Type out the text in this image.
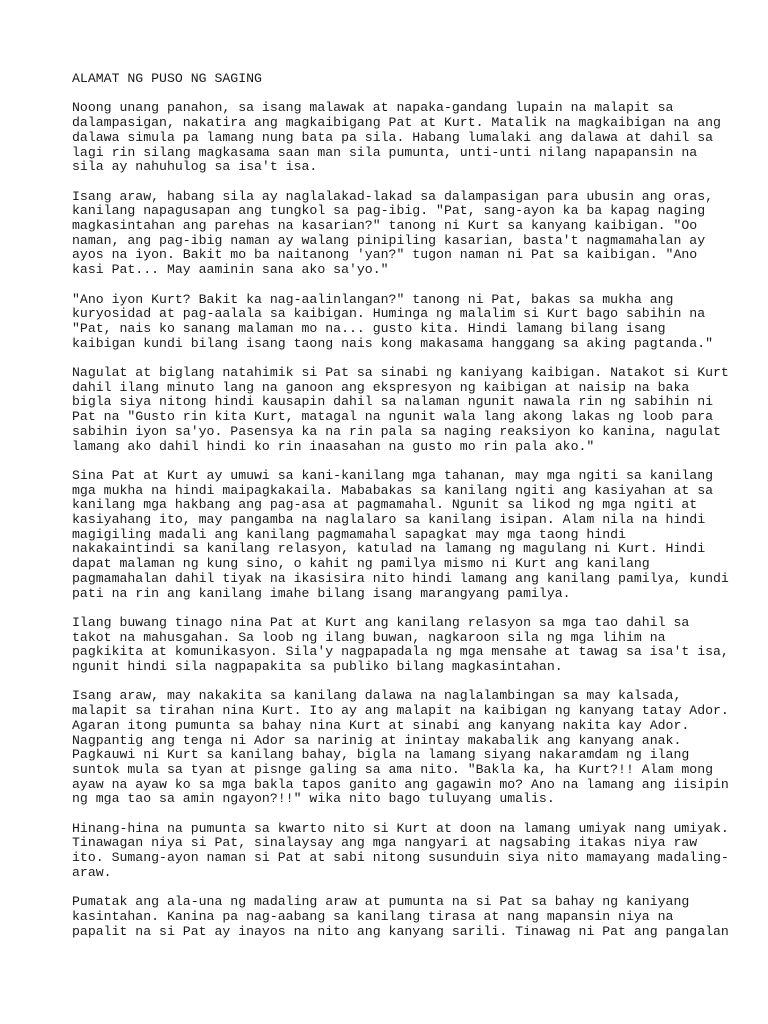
ALAMAT NG PUSO NG SAGING

Noong unang panahon, sa isang malawak at napaka-gandang lupain na malapit sa
dalampasigan, nakatira ang magkaibigang Pat at Kurt. Matalik na magkaibigan na ang
dalawa simula pa lamang nung bata pa sila. Habang lumalaki ang dalawa at dahil sa
lagi rin silang magkasama saan man sila pumunta, unti-unti nilang napapansin na
sila ay nahuhulog sa isa't isa.

Isang araw, habang sila ay naglalakad-lakad sa dalampasigan para ubusin ang oras,
kanilang napagusapan ang tungkol sa pag-ibig. "Pat, sang-ayon ka ba kapag naging
magkasintahan ang parehas na kasarian?" tanong ni Kurt sa kanyang kaibigan. "Oo
naman, ang pag-ibig naman ay walang pinipiling kasarian, basta't nagmamahalan ay
ayos na iyon. Bakit mo ba naitanong 'yan?" tugon naman ni Pat sa kaibigan. "Ano
kasi Pat... May aaminin sana ako sa'yo."

"Ano iyon Kurt? Bakit ka nag-aalinlangan?" tanong ni Pat, bakas sa mukha ang
kuryosidad at pag-aalala sa kaibigan. Huminga ng malalim si Kurt bago sabihin na
"Pat, nais ko sanang malaman mo na... gusto kita. Hindi lamang bilang isang
kaibigan kundi bilang isang taong nais kong makasama hanggang sa aking pagtanda."

Nagulat at biglang natahimik si Pat sa sinabi ng kaniyang kaibigan. Natakot si Kurt
dahil ilang minuto lang na ganoon ang ekspresyon ng kaibigan at naisip na baka
bigla siya nitong hindi kausapin dahil sa nalaman ngunit nawala rin ng sabihin ni
Pat na "Gusto rin kita Kurt, matagal na ngunit wala lang akong lakas ng loob para
sabihin iyon sa'yo. Pasensya ka na rin pala sa naging reaksiyon ko kanina, nagulat
lamang ako dahil hindi ko rin inaasahan na gusto mo rin pala ako."

Sina Pat at Kurt ay umuwi sa kani-kanilang mga tahanan, may mga ngiti sa kanilang
mga mukha na hindi maipagkakaila. Mababakas sa kanilang ngiti ang kasiyahan at sa
kanilang mga hakbang ang pag-asa at pagmamahal. Ngunit sa likod ng mga ngiti at
kasiyahang ito, may pangamba na naglalaro sa kanilang isipan. Alam nila na hindi
magigiling madali ang kanilang pagmamahal sapagkat may mga taong hindi
nakakaintindi sa kanilang relasyon, katulad na lamang ng magulang ni Kurt. Hindi
dapat malaman ng kung sino, o kahit ng pamilya mismo ni Kurt ang kanilang
pagmamahalan dahil tiyak na ikasisira nito hindi lamang ang kanilang pamilya, kundi
pati na rin ang kanilang imahe bilang isang marangyang pamilya.

Ilang buwang tinago nina Pat at Kurt ang kanilang relasyon sa mga tao dahil sa
takot na mahusgahan. Sa loob ng ilang buwan, nagkaroon sila ng mga lihim na
pagkikita at komunikasyon. Sila'y nagpapadala ng mga mensahe at tawag sa isa't isa,
ngunit hindi sila nagpapakita sa publiko bilang magkasintahan.

Isang araw, may nakakita sa kanilang dalawa na naglalambingan sa may kalsada,
malapit sa tirahan nina Kurt. Ito ay ang malapit na kaibigan ng kanyang tatay Ador.
Agaran itong pumunta sa bahay nina Kurt at sinabi ang kanyang nakita kay Ador.
Nagpantig ang tenga ni Ador sa narinig at inintay makabalik ang kanyang anak.
Pagkauwi ni Kurt sa kanilang bahay, bigla na lamang siyang nakaramdam ng ilang
suntok mula sa tyan at pisnge galing sa ama nito. "Bakla ka, ha Kurt?!! Alam mong
ayaw na ayaw ko sa mga bakla tapos ganito ang gagawin mo? Ano na lamang ang iisipin
ng mga tao sa amin ngayon?!!" wika nito bago tuluyang umalis.

Hinang-hina na pumunta sa kwarto nito si Kurt at doon na lamang umiyak nang umiyak.
Tinawagan niya si Pat, sinalaysay ang mga nangyari at nagsabing itakas niya raw
ito. Sumang-ayon naman si Pat at sabi nitong susunduin siya nito mamayang madaling-
araw.

Pumatak ang ala-una ng madaling araw at pumunta na si Pat sa bahay ng kaniyang
kasintahan. Kanina pa nag-aabang sa kanilang tirasa at nang mapansin niya na
papalit na si Pat ay inayos na nito ang kanyang sarili. Tinawag ni Pat ang pangalan
